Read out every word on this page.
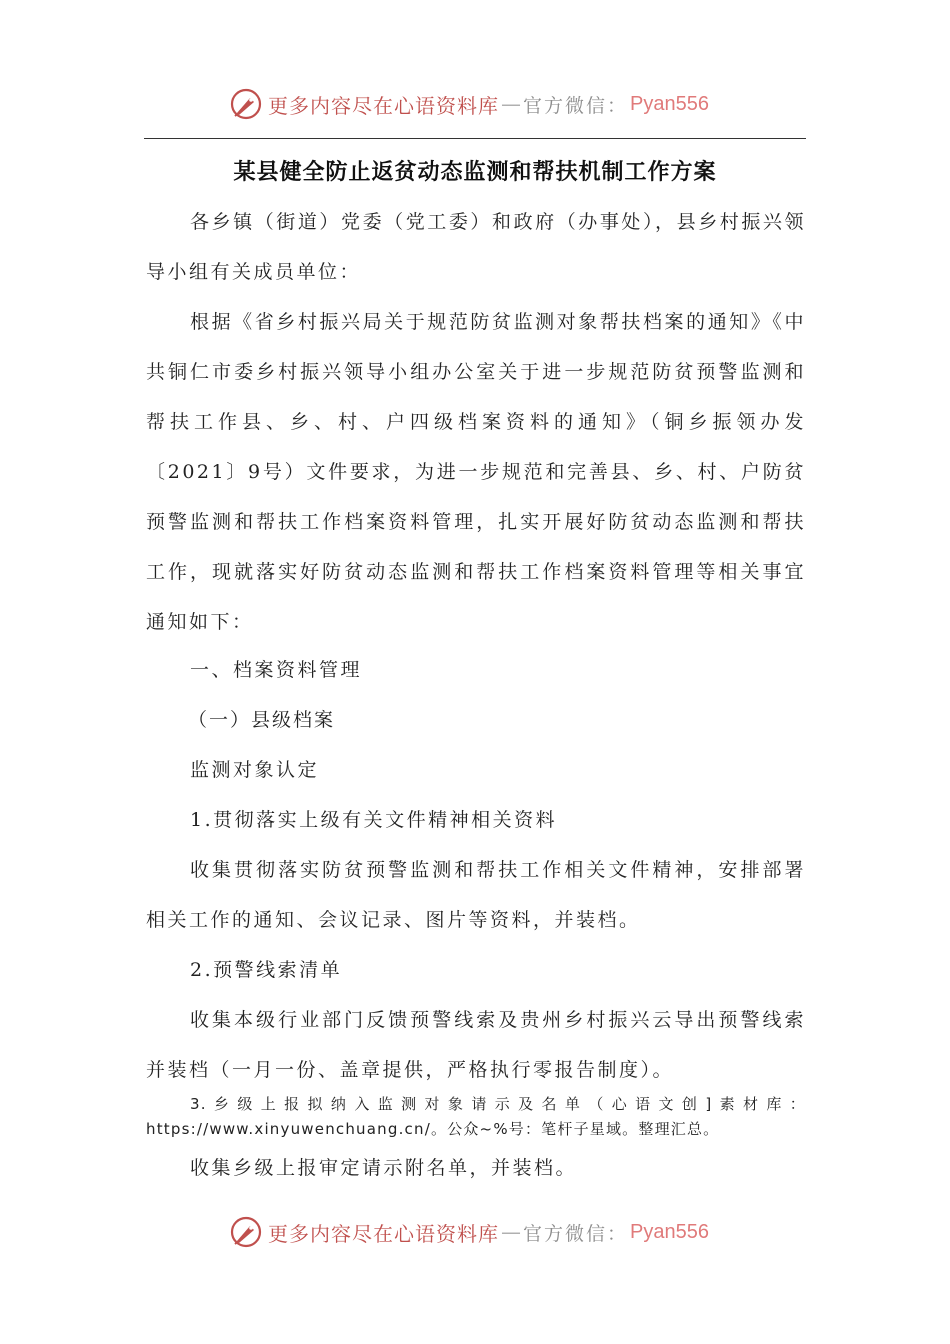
更多内容尽在心语资料库 — 官方微信： Pyan556
某县健全防止返贫动态监测和帮扶机制工作方案
各乡镇（街道）党委（党工委）和政府（办事处），县乡村振兴领导小组有关成员单位：
根据《省乡村振兴局关于规范防贫监测对象帮扶档案的通知》《中共铜仁市委乡村振兴领导小组办公室关于进一步规范防贫预警监测和帮扶工作县、乡、村、户四级档案资料的通知》（铜乡振领办发〔2021〕9号）文件要求，为进一步规范和完善县、乡、村、户防贫预警监测和帮扶工作档案资料管理，扎实开展好防贫动态监测和帮扶工作，现就落实好防贫动态监测和帮扶工作档案资料管理等相关事宜通知如下：
一、档案资料管理
（一）县级档案
监测对象认定
1.贯彻落实上级有关文件精神相关资料
收集贯彻落实防贫预警监测和帮扶工作相关文件精神，安排部署相关工作的通知、会议记录、图片等资料，并装档。
2.预警线索清单
收集本级行业部门反馈预警线索及贵州乡村振兴云导出预警线索并装档（一月一份、盖章提供，严格执行零报告制度）。
3.乡级上报拟纳入监测对象请示及名单（心语文创]素材库：https://www.xinyuwenchuang.cn/。公众~%号：笔杆子星域。整理汇总。
收集乡级上报审定请示附名单，并装档。
更多内容尽在心语资料库 — 官方微信： Pyan556
